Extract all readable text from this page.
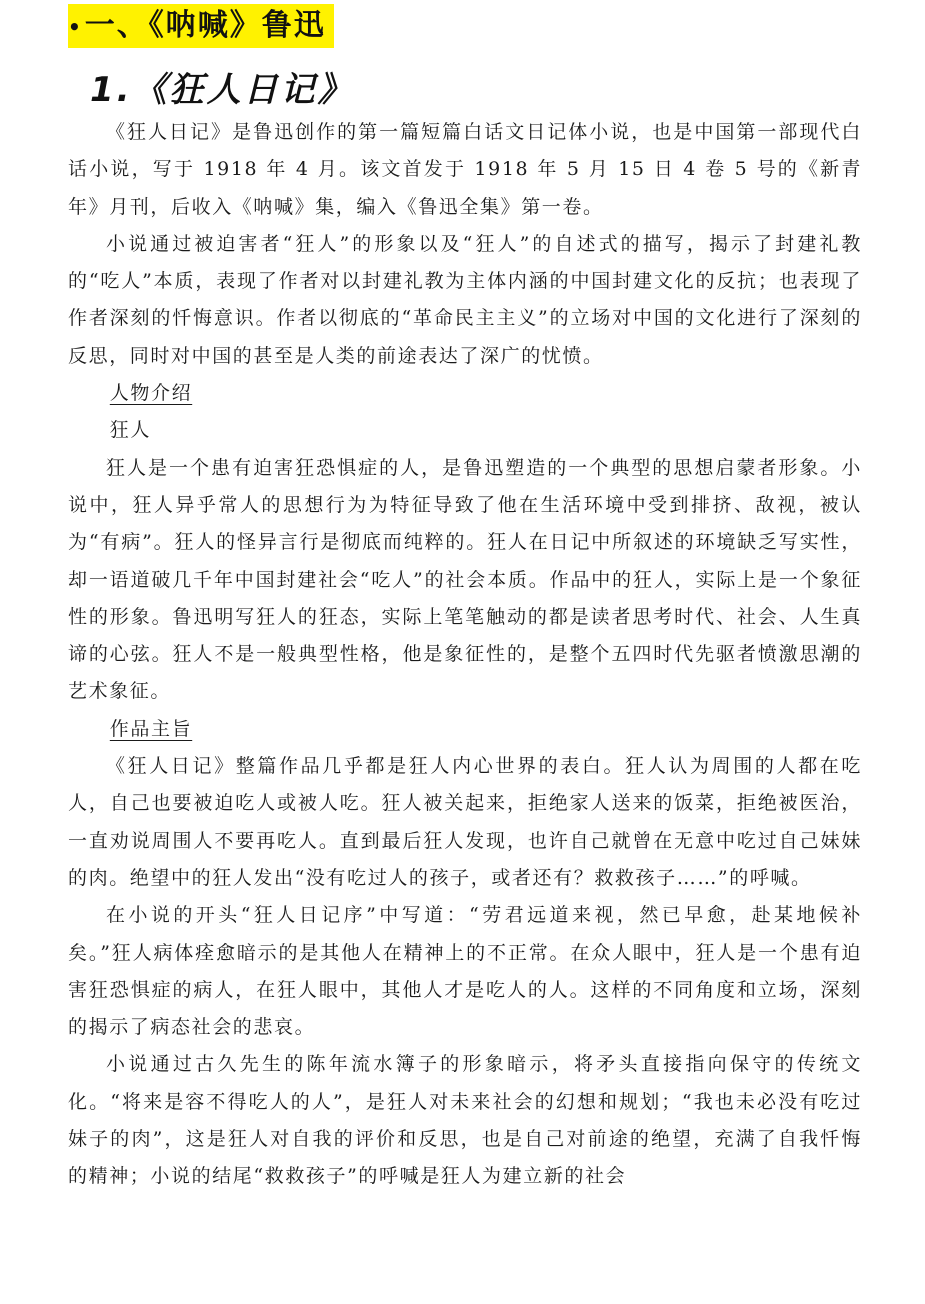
•一、《呐喊》鲁迅
1.《狂人日记》

《狂人日记》是鲁迅创作的第一篇短篇白话文日记体小说，也是中国第一部现代白话小说，写于 1918 年 4 月。该文首发于 1918 年 5 月 15 日 4 卷 5 号的《新青年》月刊，后收入《呐喊》集，编入《鲁迅全集》第一卷。

小说通过被迫害者“狂人”的形象以及“狂人”的自述式的描写，揭示了封建礼教的“吃人”本质，表现了作者对以封建礼教为主体内涵的中国封建文化的反抗；也表现了作者深刻的忏悔意识。作者以彻底的“革命民主主义”的立场对中国的文化进行了深刻的反思，同时对中国的甚至是人类的前途表达了深广的忧愤。

人物介绍

狂人

狂人是一个患有迫害狂恐惧症的人，是鲁迅塑造的一个典型的思想启蒙者形象。小说中，狂人异乎常人的思想行为为特征导致了他在生活环境中受到排挤、敌视，被认为“有病”。狂人的怪异言行是彻底而纯粹的。狂人在日记中所叙述的环境缺乏写实性，却一语道破几千年中国封建社会“吃人”的社会本质。作品中的狂人，实际上是一个象征性的形象。鲁迅明写狂人的狂态，实际上笔笔触动的都是读者思考时代、社会、人生真谛的心弦。狂人不是一般典型性格，他是象征性的，是整个五四时代先驱者愤激思潮的艺术象征。

作品主旨

《狂人日记》整篇作品几乎都是狂人内心世界的表白。狂人认为周围的人都在吃人，自己也要被迫吃人或被人吃。狂人被关起来，拒绝家人送来的饭菜，拒绝被医治，一直劝说周围人不要再吃人。直到最后狂人发现，也许自己就曾在无意中吃过自己妹妹的肉。绝望中的狂人发出“没有吃过人的孩子，或者还有？救救孩子……”的呼喊。

在小说的开头“狂人日记序”中写道：“劳君远道来视，然已早愈，赴某地候补矣。”狂人病体痊愈暗示的是其他人在精神上的不正常。在众人眼中，狂人是一个患有迫害狂恐惧症的病人，在狂人眼中，其他人才是吃人的人。这样的不同角度和立场，深刻的揭示了病态社会的悲哀。

小说通过古久先生的陈年流水簿子的形象暗示，将矛头直接指向保守的传统文化。“将来是容不得吃人的人”，是狂人对未来社会的幻想和规划；“我也未必没有吃过妹子的肉”，这是狂人对自我的评价和反思，也是自己对前途的绝望，充满了自我忏悔的精神；小说的结尾“救救孩子”的呼喊是狂人为建立新的社会
